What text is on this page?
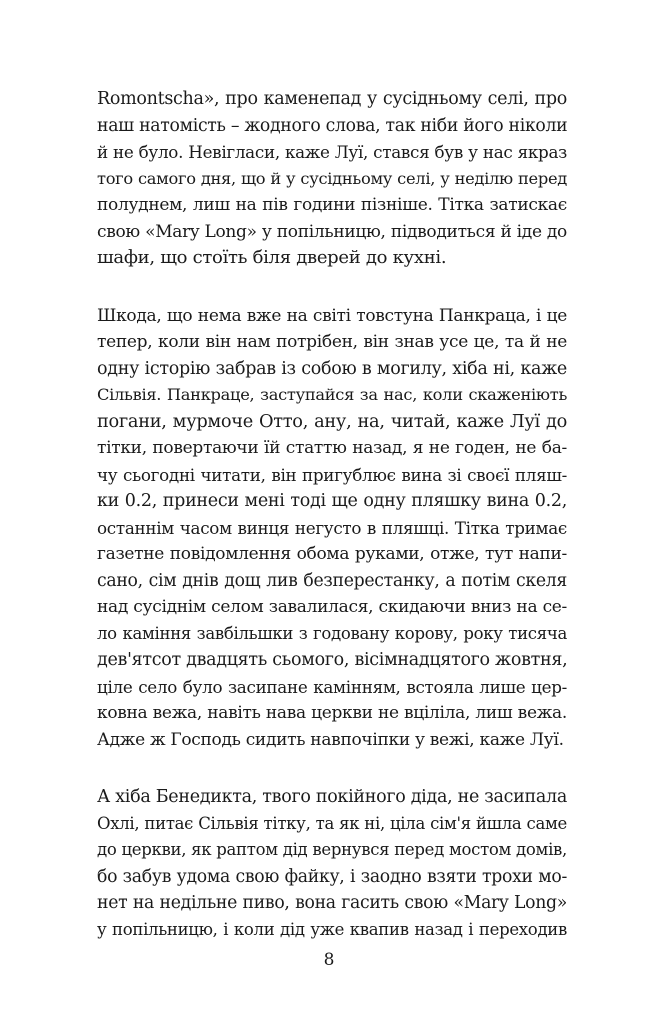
Romontscha», про каменепад у сусідньому селі, про
наш натомість – жодного слова, так ніби його ніколи
й не було. Невігласи, каже Луї, стався був у нас якраз
того самого дня, що й у сусідньому селі, у неділю перед
полуднем, лиш на пів години пізніше. Тітка затискає
свою «Mary Long» у попільницю, підводиться й іде до
шафи, що стоїть біля дверей до кухні.
Шкода, що нема вже на світі товстуна Панкраца, і це
тепер, коли він нам потрібен, він знав усе це, та й не
одну історію забрав із собою в могилу, хіба ні, каже
Сільвія. Панкраце, заступайся за нас, коли скаженіють
погани, мурмоче Отто, ану, на, читай, каже Луї до
тітки, повертаючи їй статтю назад, я не годен, не ба-
чу сьогодні читати, він пригублює вина зі своєї пляш-
ки 0.2, принеси мені тоді ще одну пляшку вина 0.2,
останнім часом винця негусто в пляшці. Тітка тримає
газетне повідомлення обома руками, отже, тут напи-
сано, сім днів дощ лив безперестанку, а потім скеля
над сусіднім селом завалилася, скидаючи вниз на се-
ло каміння завбільшки з годовану корову, року тисяча
дев'ятсот двадцять сьомого, вісімнадцятого жовтня,
ціле село було засипане камінням, встояла лише цер-
ковна вежа, навіть нава церкви не вціліла, лиш вежа.
Адже ж Господь сидить навпочіпки у вежі, каже Луї.
А хіба Бенедикта, твого покійного діда, не засипала
Охлі, питає Сільвія тітку, та як ні, ціла сім'я йшла саме
до церкви, як раптом дід вернувся перед мостом домів,
бо забув удома свою файку, і заодно взяти трохи мо-
нет на недільне пиво, вона гасить свою «Mary Long»
у попільницю, і коли дід уже квапив назад і переходив
8
